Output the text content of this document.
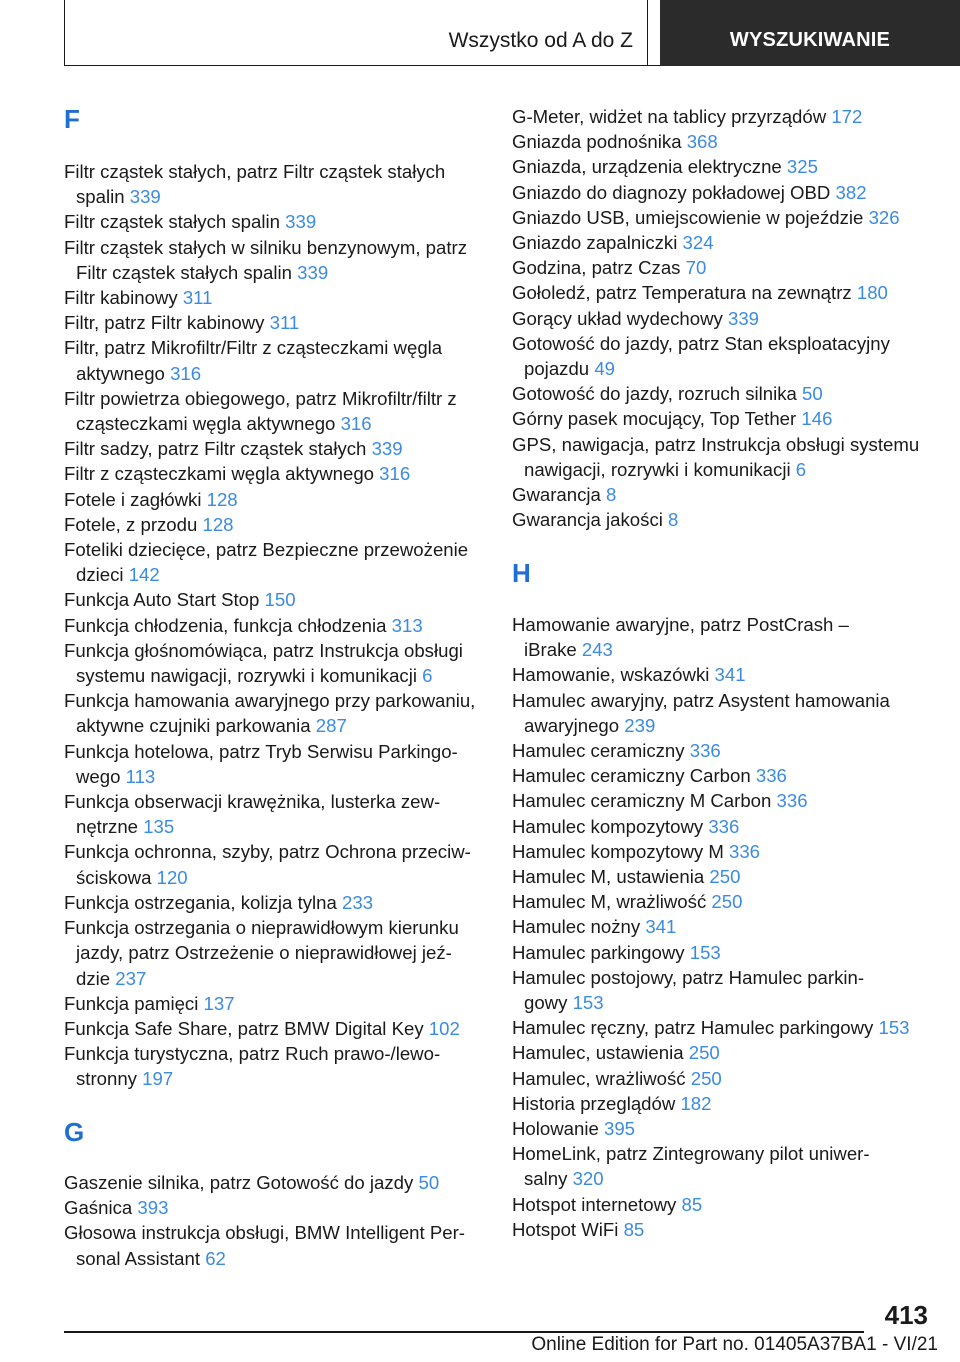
Wszystko od A do Z	WYSZUKIWANIE
F
Filtr cząstek stałych, patrz Filtr cząstek stałych
spalin 339
Filtr cząstek stałych spalin 339
Filtr cząstek stałych w silniku benzynowym, patrz
Filtr cząstek stałych spalin 339
Filtr kabinowy 311
Filtr, patrz Filtr kabinowy 311
Filtr, patrz Mikrofiltr/Filtr z cząsteczkami węgla
aktywnego 316
Filtr powietrza obiegowego, patrz Mikrofiltr/filtr z
cząsteczkami węgla aktywnego 316
Filtr sadzy, patrz Filtr cząstek stałych 339
Filtr z cząsteczkami węgla aktywnego 316
Fotele i zagłówki 128
Fotele, z przodu 128
Foteliki dziecięce, patrz Bezpieczne przewożenie
dzieci 142
Funkcja Auto Start Stop 150
Funkcja chłodzenia, funkcja chłodzenia 313
Funkcja głośnomówiąca, patrz Instrukcja obsługi
systemu nawigacji, rozrywki i komunikacji 6
Funkcja hamowania awaryjnego przy parkowaniu,
aktywne czujniki parkowania 287
Funkcja hotelowa, patrz Tryb Serwisu Parkingo‐
wego 113
Funkcja obserwacji krawężnika, lusterka zew‐
nętrzne 135
Funkcja ochronna, szyby, patrz Ochrona przeciw‐
ściskowa 120
Funkcja ostrzegania, kolizja tylna 233
Funkcja ostrzegania o nieprawidłowym kierunku
jazdy, patrz Ostrzeżenie o nieprawidłowej jeź‐
dzie 237
Funkcja pamięci 137
Funkcja Safe Share, patrz BMW Digital Key 102
Funkcja turystyczna, patrz Ruch prawo-/lewo‐
stronny 197
G
Gaszenie silnika, patrz Gotowość do jazdy 50
Gaśnica 393
Głosowa instrukcja obsługi, BMW Intelligent Per‐
sonal Assistant 62
G-Meter, widżet na tablicy przyrządów 172
Gniazda podnośnika 368
Gniazda, urządzenia elektryczne 325
Gniazdo do diagnozy pokładowej OBD 382
Gniazdo USB, umiejscowienie w pojeździe 326
Gniazdo zapalniczki 324
Godzina, patrz Czas 70
Gołoledź, patrz Temperatura na zewnątrz 180
Gorący układ wydechowy 339
Gotowość do jazdy, patrz Stan eksploatacyjny
pojazdu 49
Gotowość do jazdy, rozruch silnika 50
Górny pasek mocujący, Top Tether 146
GPS, nawigacja, patrz Instrukcja obsługi systemu
nawigacji, rozrywki i komunikacji 6
Gwarancja 8
Gwarancja jakości 8
H
Hamowanie awaryjne, patrz PostCrash –
iBrake 243
Hamowanie, wskazówki 341
Hamulec awaryjny, patrz Asystent hamowania
awaryjnego 239
Hamulec ceramiczny 336
Hamulec ceramiczny Carbon 336
Hamulec ceramiczny M Carbon 336
Hamulec kompozytowy 336
Hamulec kompozytowy M 336
Hamulec M, ustawienia 250
Hamulec M, wrażliwość 250
Hamulec nożny 341
Hamulec parkingowy 153
Hamulec postojowy, patrz Hamulec parkin‐
gowy 153
Hamulec ręczny, patrz Hamulec parkingowy 153
Hamulec, ustawienia 250
Hamulec, wrażliwość 250
Historia przeglądów 182
Holowanie 395
HomeLink, patrz Zintegrowany pilot uniwer‐
salny 320
Hotspot internetowy 85
Hotspot WiFi 85
413
Online Edition for Part no. 01405A37BA1 - VI/21
